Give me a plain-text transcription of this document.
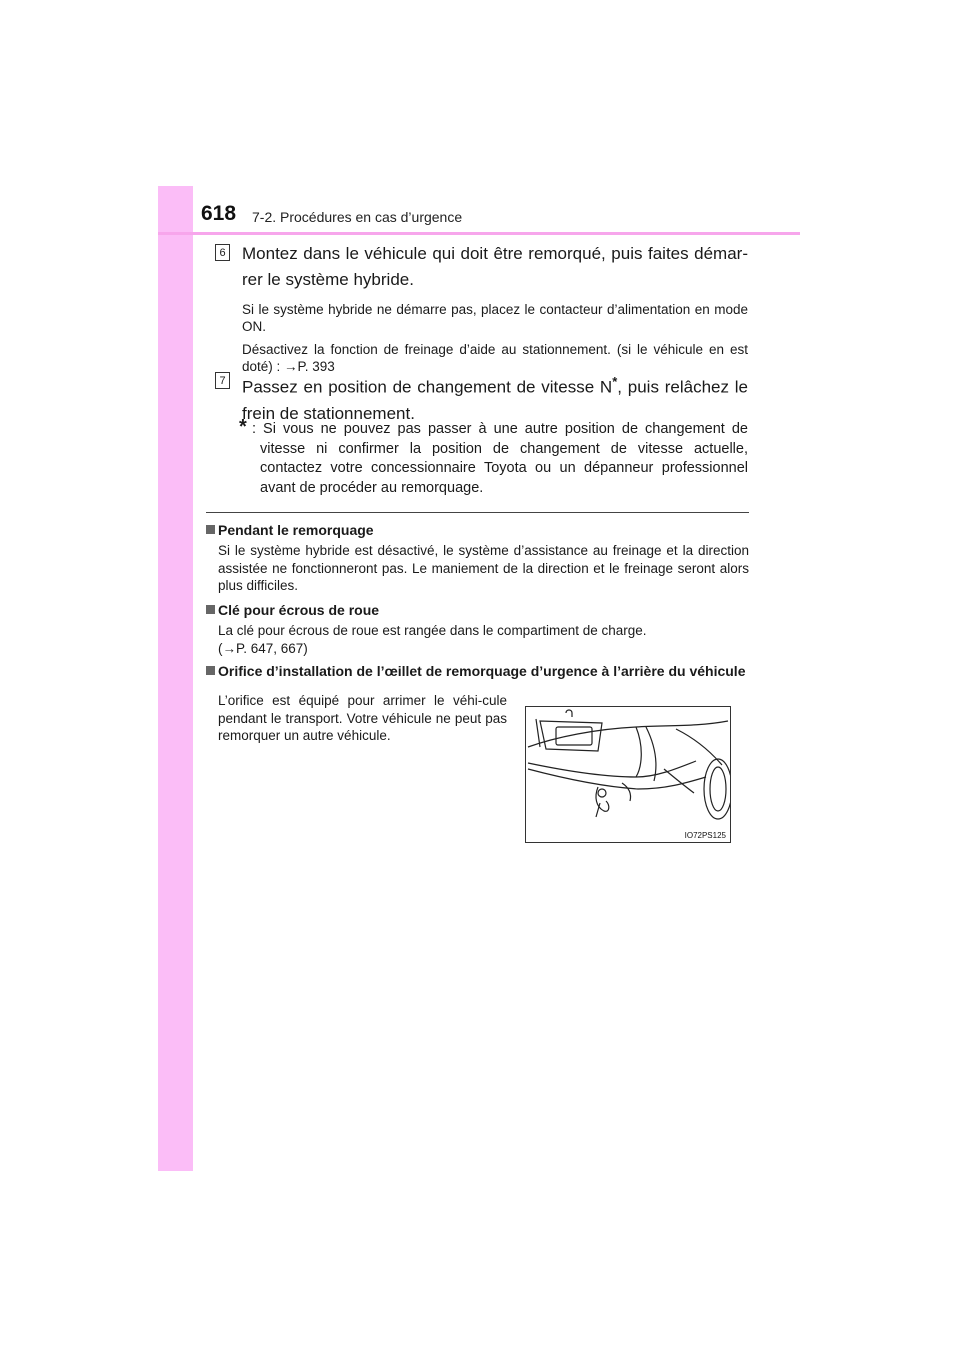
618 7-2. Procédures en cas d’urgence
6 Montez dans le véhicule qui doit être remorqué, puis faites démar-rer le système hybride.
Si le système hybride ne démarre pas, placez le contacteur d’alimentation en mode ON.
Désactivez la fonction de freinage d’aide au stationnement. (si le véhicule en est doté) : →P. 393
7 Passez en position de changement de vitesse N*, puis relâchez le frein de stationnement.
* : Si vous ne pouvez pas passer à une autre position de changement de vitesse ni confirmer la position de changement de vitesse actuelle, contactez votre concessionnaire Toyota ou un dépanneur professionnel avant de procéder au remorquage.
Pendant le remorquage
Si le système hybride est désactivé, le système d’assistance au freinage et la direction assistée ne fonctionneront pas. Le maniement de la direction et le freinage seront alors plus difficiles.
Clé pour écrous de roue
La clé pour écrous de roue est rangée dans le compartiment de charge.
(→P. 647, 667)
Orifice d’installation de l’œillet de remorquage d’urgence à l’arrière du véhicule
L’orifice est équipé pour arrimer le véhi-cule pendant le transport. Votre véhicule ne peut pas remorquer un autre véhicule.
IO72PS125
